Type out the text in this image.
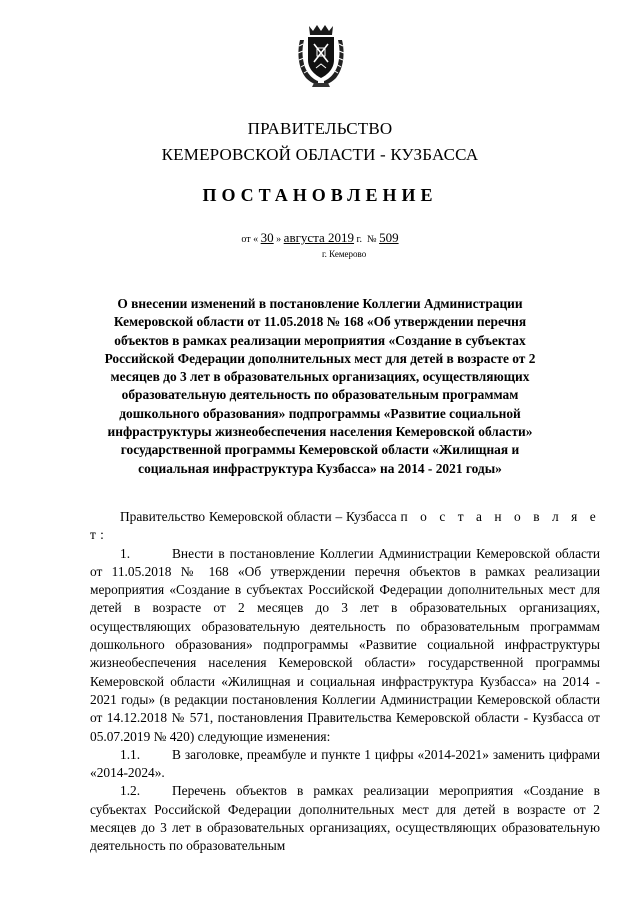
ПРАВИТЕЛЬСТВО
КЕМЕРОВСКОЙ ОБЛАСТИ - КУЗБАССА
ПОСТАНОВЛЕНИЕ
от « 30 » августа 2019 г. № 509
г. Кемерово
О внесении изменений в постановление Коллегии Администрации Кемеровской области от 11.05.2018 № 168 «Об утверждении перечня объектов в рамках реализации мероприятия «Создание в субъектах Российской Федерации дополнительных мест для детей в возрасте от 2 месяцев до 3 лет в образовательных организациях, осуществляющих образовательную деятельность по образовательным программам дошкольного образования» подпрограммы «Развитие социальной инфраструктуры жизнеобеспечения населения Кемеровской области» государственной программы Кемеровской области «Жилищная и социальная инфраструктура Кузбасса» на 2014 - 2021 годы»

Правительство Кемеровской области – Кузбасса п о с т а н о в л я е т:

1.	Внести в постановление Коллегии Администрации Кемеровской области от 11.05.2018 № 168 «Об утверждении перечня объектов в рамках реализации мероприятия «Создание в субъектах Российской Федерации дополнительных мест для детей в возрасте от 2 месяцев до 3 лет в образовательных организациях, осуществляющих образовательную деятельность по образовательным программам дошкольного образования» подпрограммы «Развитие социальной инфраструктуры жизнеобеспечения населения Кемеровской области» государственной программы Кемеровской области «Жилищная и социальная инфраструктура Кузбасса» на 2014 - 2021 годы» (в редакции постановления Коллегии Администрации Кемеровской области от 14.12.2018 № 571, постановления Правительства Кемеровской области - Кузбасса от 05.07.2019 № 420) следующие изменения:

1.1. В заголовке, преамбуле и пункте 1 цифры «2014-2021» заменить цифрами «2014-2024».

1.2. Перечень объектов в рамках реализации мероприятия «Создание в субъектах Российской Федерации дополнительных мест для детей в возрасте от 2 месяцев до 3 лет в образовательных организациях, осуществляющих образовательную деятельность по образовательным
